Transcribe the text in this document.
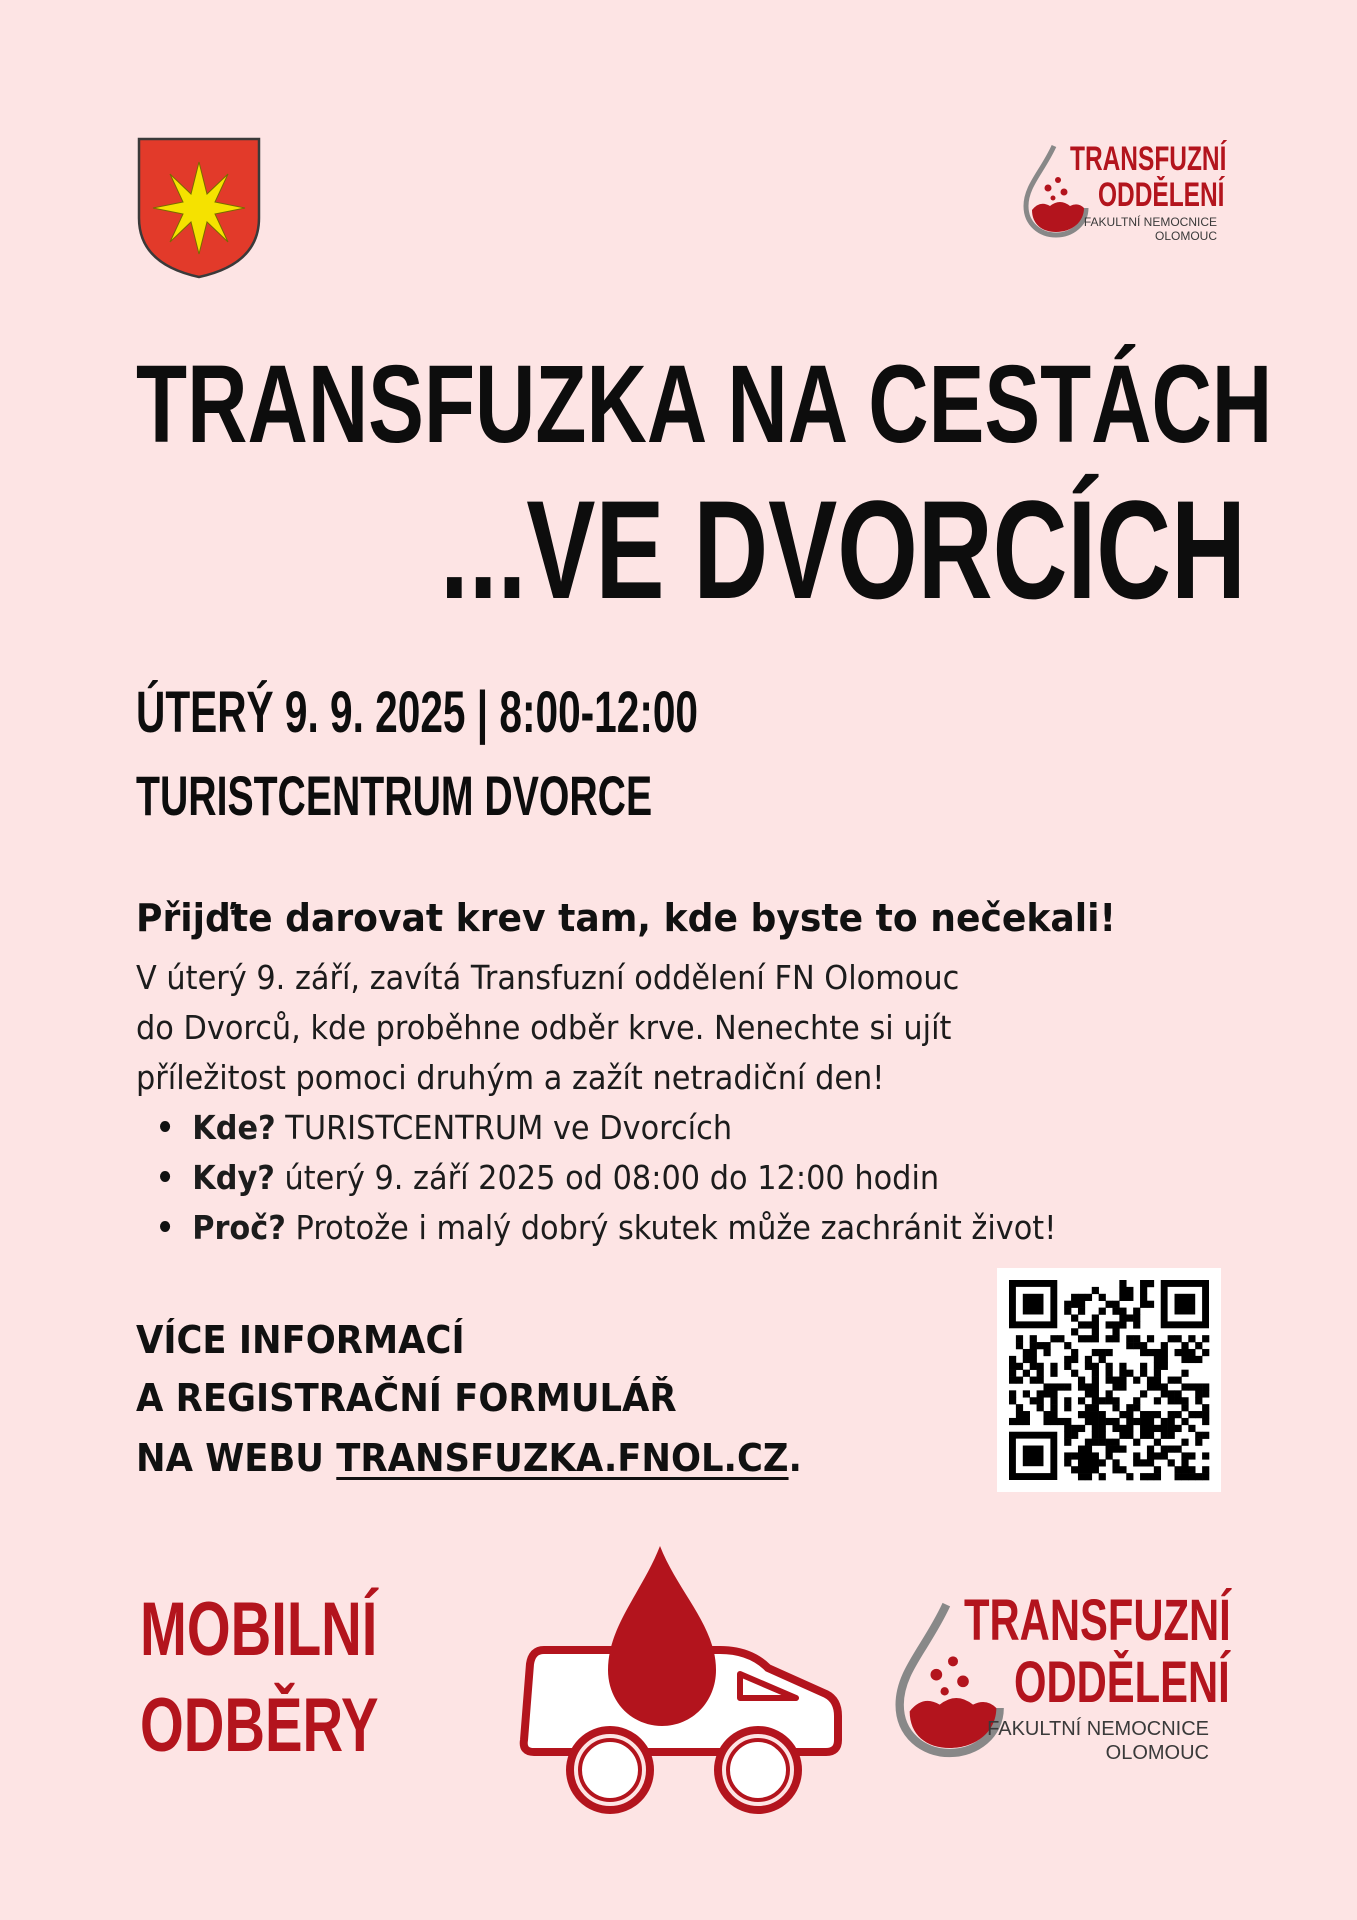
TRANSFUZNÍ
ODDĚLENÍ
FAKULTNÍ NEMOCNICE
OLOMOUC
TRANSFUZKA NA CESTÁCH
...VE DVORCÍCH
ÚTERÝ 9. 9. 2025 | 8:00-12:00
TURISTCENTRUM DVORCE
Přijďte darovat krev tam, kde byste to nečekali!
V úterý 9. září, zavítá Transfuzní oddělení FN Olomouc
do Dvorců, kde proběhne odběr krve. Nenechte si ujít
příležitost pomoci druhým a zažít netradiční den!
Kde? TURISTCENTRUM ve Dvorcích
Kdy? úterý 9. září 2025 od 08:00 do 12:00 hodin
Proč? Protože i malý dobrý skutek může zachránit život!
VÍCE INFORMACÍ
A REGISTRAČNÍ FORMULÁŘ
NA WEBU TRANSFUZKA.FNOL.CZ.
MOBILNÍ
ODBĚRY
TRANSFUZNÍ
ODDĚLENÍ
FAKULTNÍ NEMOCNICE
OLOMOUC
